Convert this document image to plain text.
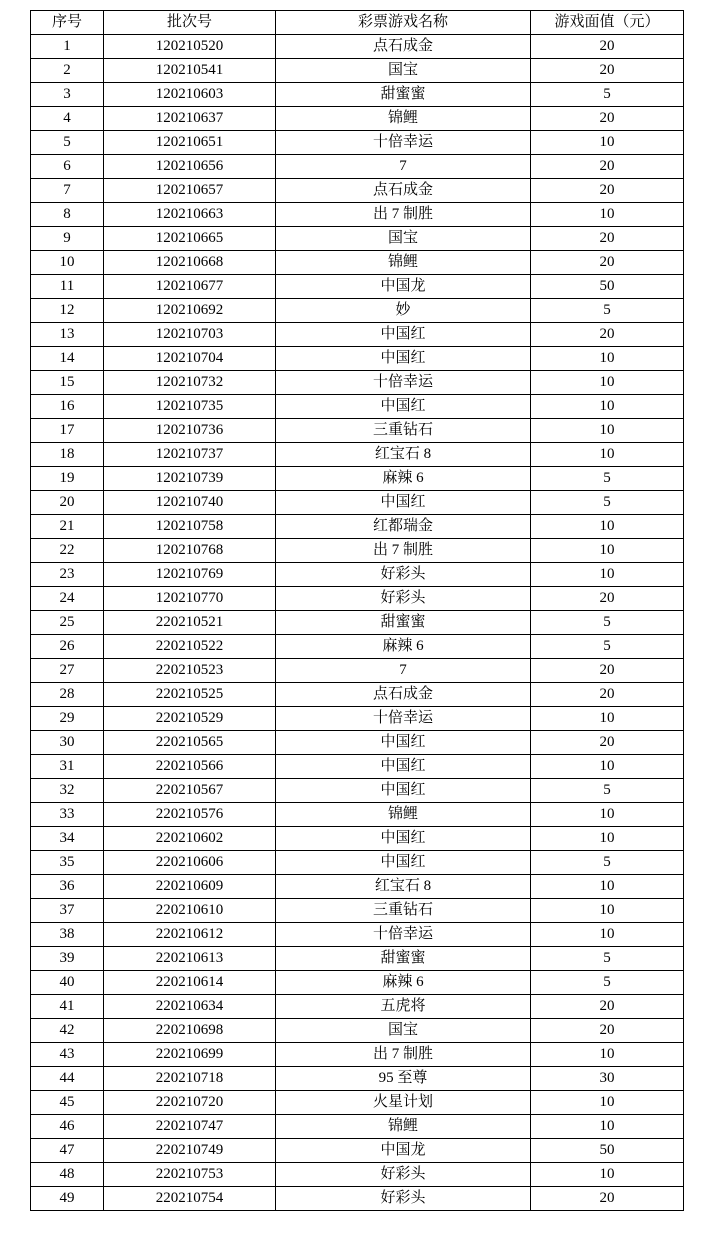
序号	批次号	彩票游戏名称	游戏面值（元）
1	120210520	点石成金	20
2	120210541	国宝	20
3	120210603	甜蜜蜜	5
4	120210637	锦鲤	20
5	120210651	十倍幸运	10
6	120210656	7	20
7	120210657	点石成金	20
8	120210663	出 7 制胜	10
9	120210665	国宝	20
10	120210668	锦鲤	20
11	120210677	中国龙	50
12	120210692	妙	5
13	120210703	中国红	20
14	120210704	中国红	10
15	120210732	十倍幸运	10
16	120210735	中国红	10
17	120210736	三重钻石	10
18	120210737	红宝石 8	10
19	120210739	麻辣 6	5
20	120210740	中国红	5
21	120210758	红都瑞金	10
22	120210768	出 7 制胜	10
23	120210769	好彩头	10
24	120210770	好彩头	20
25	220210521	甜蜜蜜	5
26	220210522	麻辣 6	5
27	220210523	7	20
28	220210525	点石成金	20
29	220210529	十倍幸运	10
30	220210565	中国红	20
31	220210566	中国红	10
32	220210567	中国红	5
33	220210576	锦鲤	10
34	220210602	中国红	10
35	220210606	中国红	5
36	220210609	红宝石 8	10
37	220210610	三重钻石	10
38	220210612	十倍幸运	10
39	220210613	甜蜜蜜	5
40	220210614	麻辣 6	5
41	220210634	五虎将	20
42	220210698	国宝	20
43	220210699	出 7 制胜	10
44	220210718	95 至尊	30
45	220210720	火星计划	10
46	220210747	锦鲤	10
47	220210749	中国龙	50
48	220210753	好彩头	10
49	220210754	好彩头	20
